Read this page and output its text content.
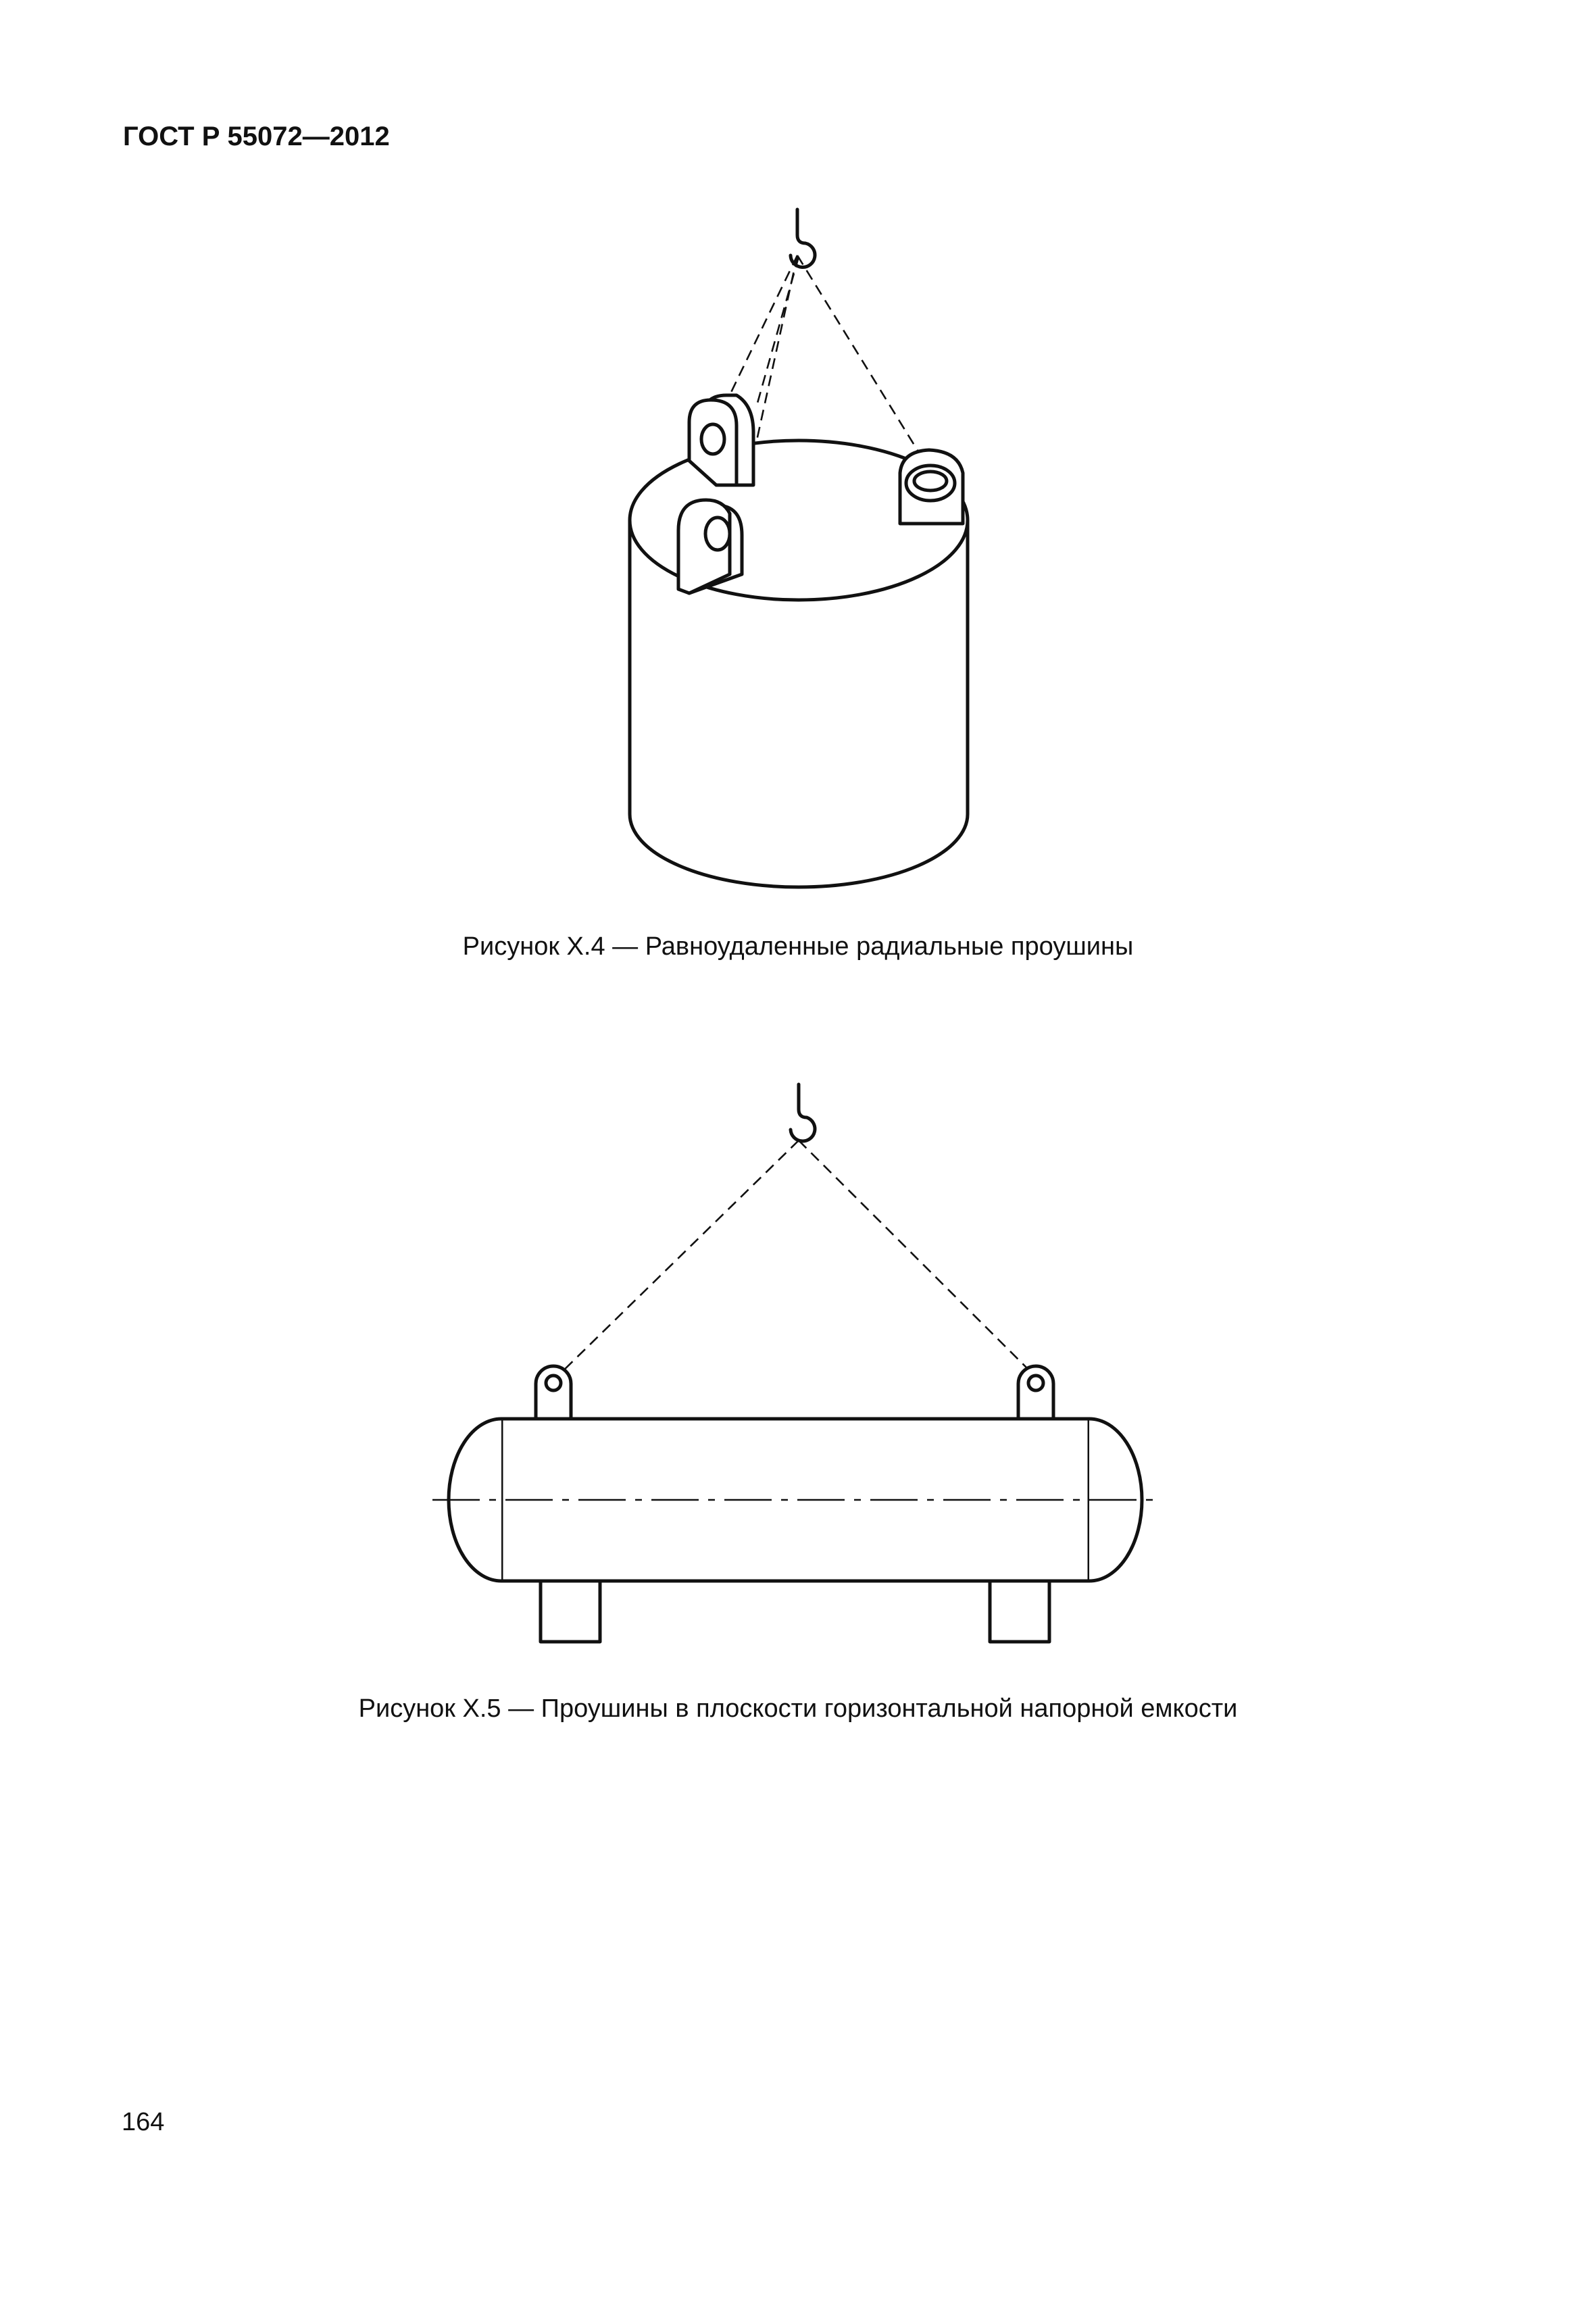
ГОСТ Р 55072—2012
Рисунок Х.4 — Равноудаленные радиальные проушины
Рисунок Х.5 — Проушины в плоскости горизонтальной напорной емкости
164
